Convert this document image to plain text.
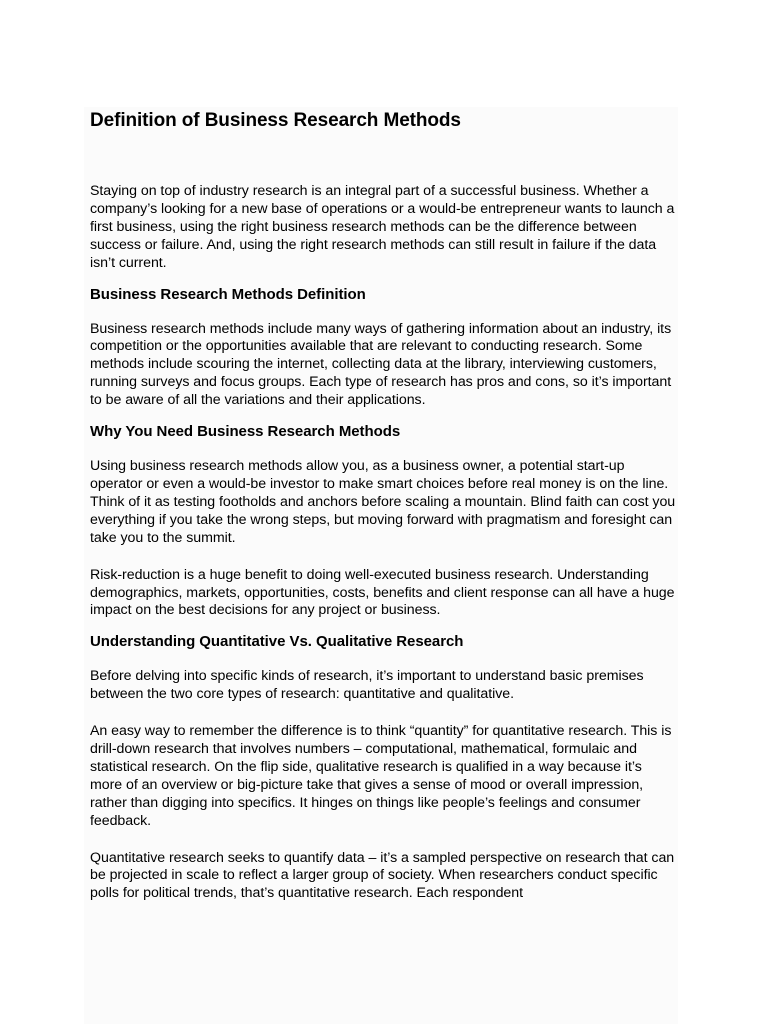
Definition of Business Research Methods

Staying on top of industry research is an integral part of a successful business. Whether a company’s looking for a new base of operations or a would-be entrepreneur wants to launch a first business, using the right business research methods can be the difference between success or failure. And, using the right research methods can still result in failure if the data isn’t current.

Business Research Methods Definition

Business research methods include many ways of gathering information about an industry, its competition or the opportunities available that are relevant to conducting research. Some methods include scouring the internet, collecting data at the library, interviewing customers, running surveys and focus groups. Each type of research has pros and cons, so it’s important to be aware of all the variations and their applications.

Why You Need Business Research Methods

Using business research methods allow you, as a business owner, a potential start-up operator or even a would-be investor to make smart choices before real money is on the line. Think of it as testing footholds and anchors before scaling a mountain. Blind faith can cost you everything if you take the wrong steps, but moving forward with pragmatism and foresight can take you to the summit.

Risk-reduction is a huge benefit to doing well-executed business research. Understanding demographics, markets, opportunities, costs, benefits and client response can all have a huge impact on the best decisions for any project or business.

Understanding Quantitative Vs. Qualitative Research

Before delving into specific kinds of research, it’s important to understand basic premises between the two core types of research: quantitative and qualitative.

An easy way to remember the difference is to think “quantity” for quantitative research. This is drill-down research that involves numbers – computational, mathematical, formulaic and statistical research. On the flip side, qualitative research is qualified in a way because it’s more of an overview or big-picture take that gives a sense of mood or overall impression, rather than digging into specifics. It hinges on things like people’s feelings and consumer feedback.

Quantitative research seeks to quantify data – it’s a sampled perspective on research that can be projected in scale to reflect a larger group of society. When researchers conduct specific polls for political trends, that’s quantitative research. Each respondent
